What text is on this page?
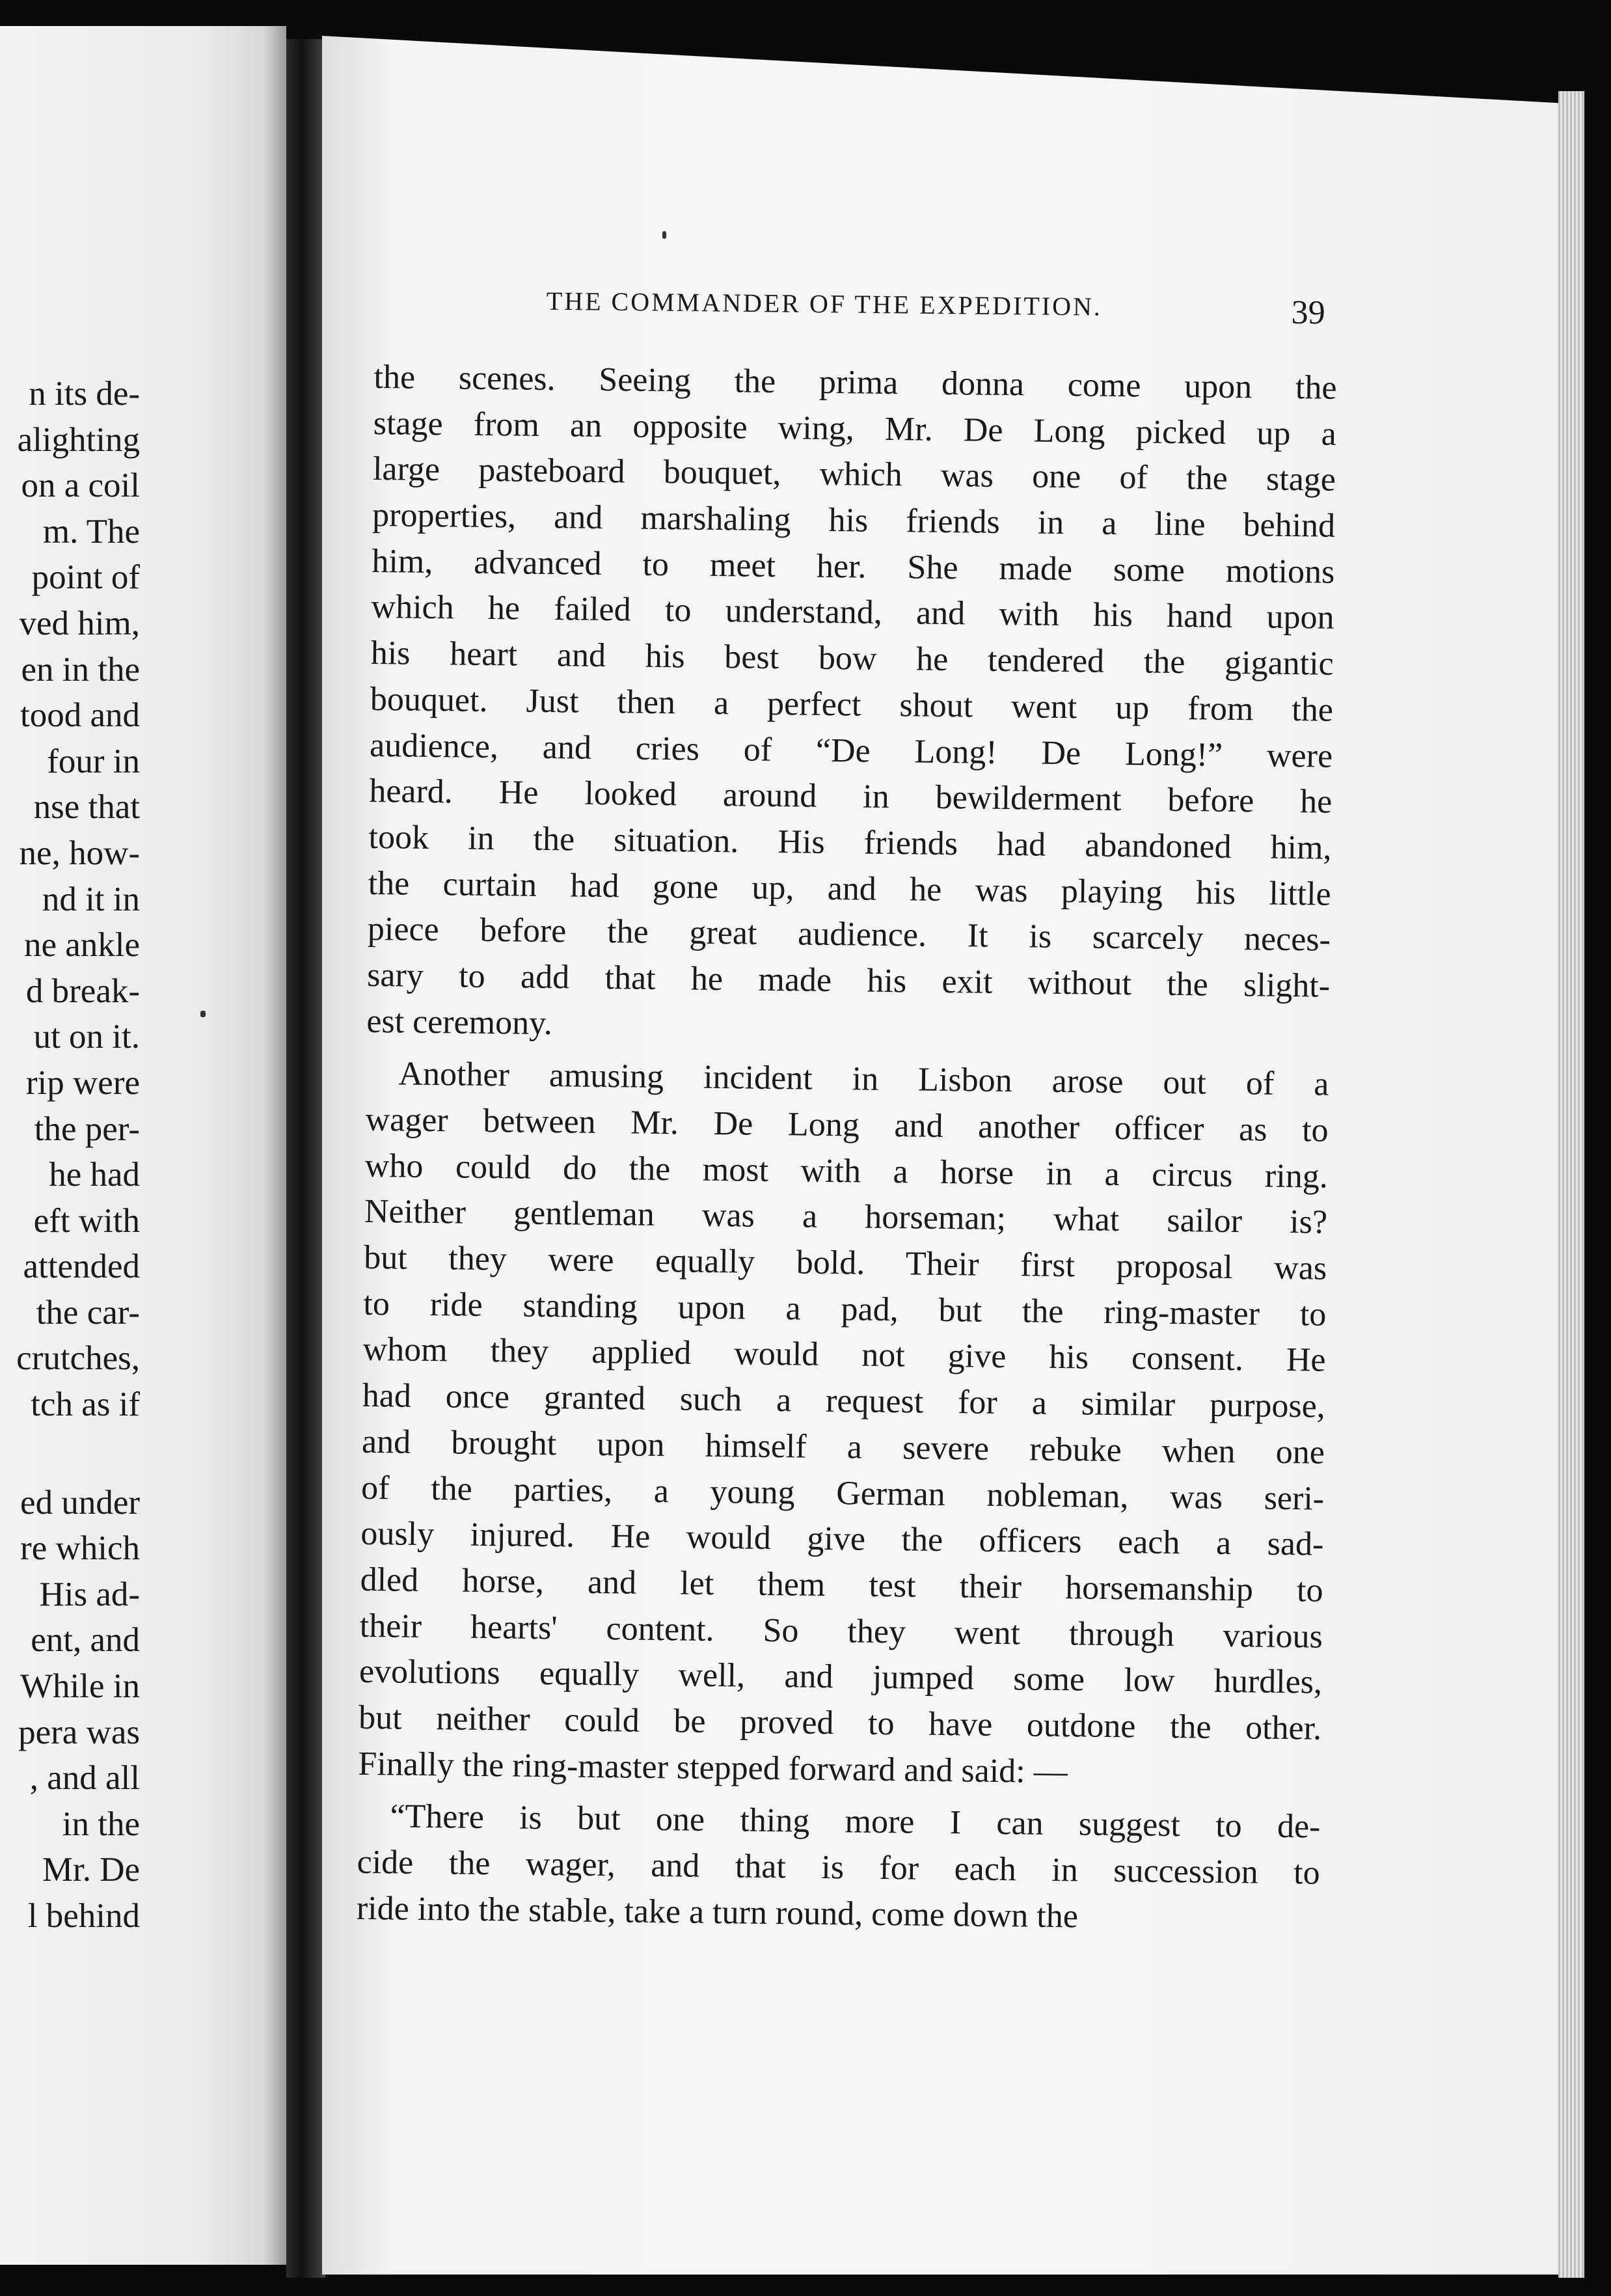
n its de-
alighting
on a coil
m. The
point of
ved him,
en in the
tood and
four in
nse that
ne, how-
nd it in
ne ankle
d break-
ut on it.
rip were
the per-
he had
eft with
attended
the car-
crutches,
tch as if
ed under
re which
His ad-
ent, and
While in
pera was
, and all
in the
Mr. De
l behind
THE COMMANDER OF THE EXPEDITION.	39
the scenes. Seeing the prima donna come upon the
stage from an opposite wing, Mr. De Long picked up a
large pasteboard bouquet, which was one of the stage
properties, and marshaling his friends in a line behind
him, advanced to meet her. She made some motions
which he failed to understand, and with his hand upon
his heart and his best bow he tendered the gigantic
bouquet. Just then a perfect shout went up from the
audience, and cries of “De Long! De Long!” were
heard. He looked around in bewilderment before he
took in the situation. His friends had abandoned him,
the curtain had gone up, and he was playing his little
piece before the great audience. It is scarcely neces-
sary to add that he made his exit without the slight-
est ceremony.
Another amusing incident in Lisbon arose out of a
wager between Mr. De Long and another officer as to
who could do the most with a horse in a circus ring.
Neither gentleman was a horseman; what sailor is?
but they were equally bold. Their first proposal was
to ride standing upon a pad, but the ring-master to
whom they applied would not give his consent. He
had once granted such a request for a similar purpose,
and brought upon himself a severe rebuke when one
of the parties, a young German nobleman, was seri-
ously injured. He would give the officers each a sad-
dled horse, and let them test their horsemanship to
their hearts' content. So they went through various
evolutions equally well, and jumped some low hurdles,
but neither could be proved to have outdone the other.
Finally the ring-master stepped forward and said: —
“There is but one thing more I can suggest to de-
cide the wager, and that is for each in succession to
ride into the stable, take a turn round, come down the
